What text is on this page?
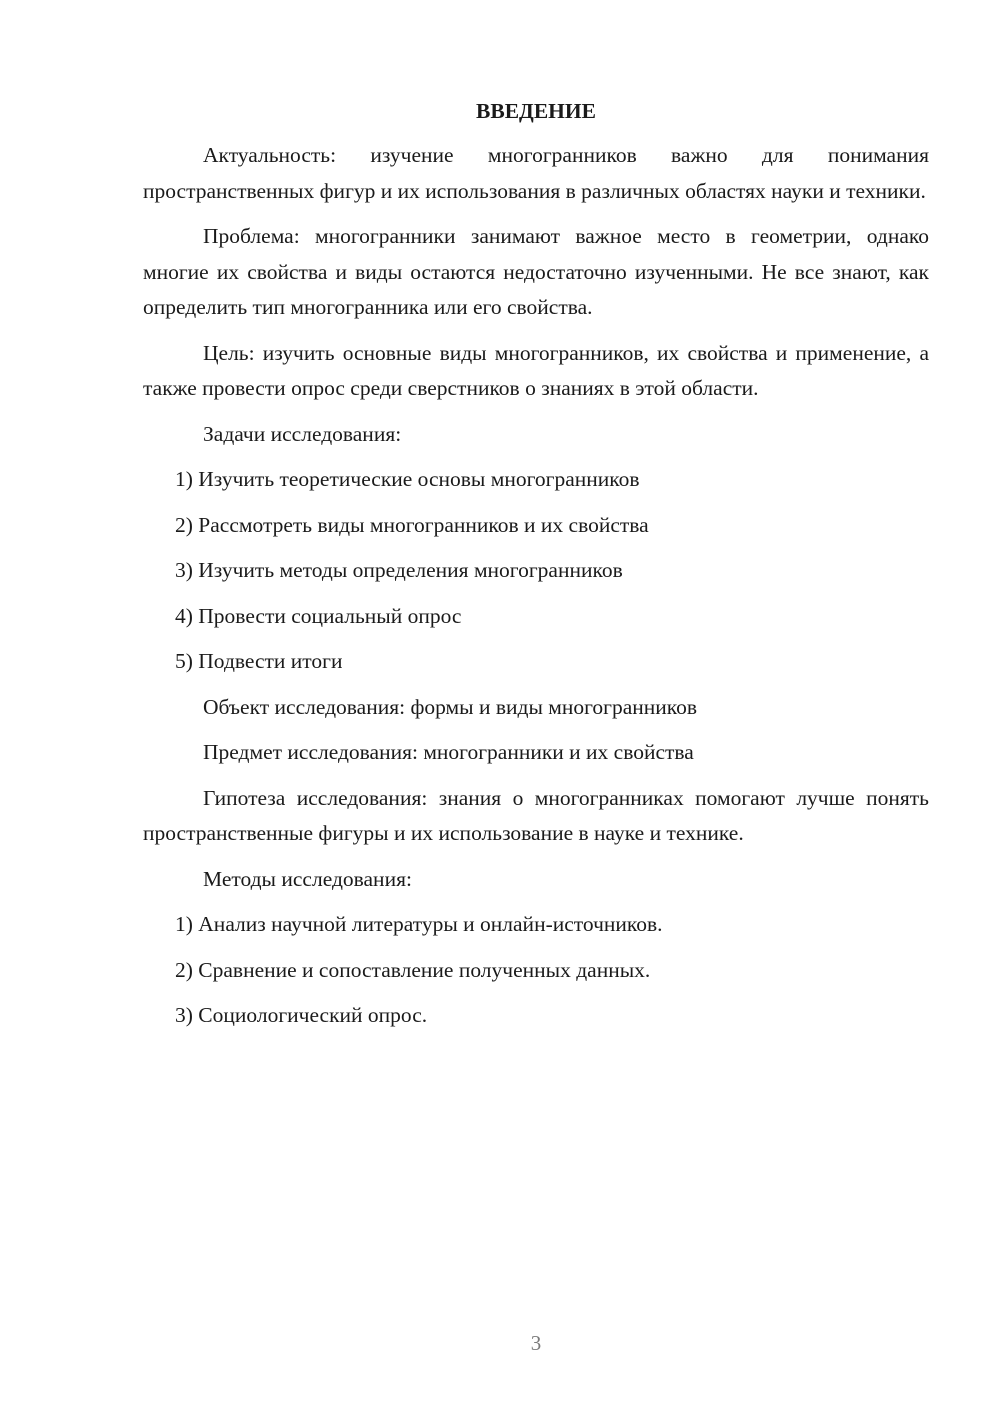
ВВЕДЕНИЕ

Актуальность: изучение многогранников важно для понимания пространственных фигур и их использования в различных областях науки и техники.

Проблема: многогранники занимают важное место в геометрии, однако многие их свойства и виды остаются недостаточно изученными. Не все знают, как определить тип многогранника или его свойства.

Цель: изучить основные виды многогранников, их свойства и применение, а также провести опрос среди сверстников о знаниях в этой области.

Задачи исследования:
1) Изучить теоретические основы многогранников
2) Рассмотреть виды многогранников и их свойства
3) Изучить методы определения многогранников
4) Провести социальный опрос
5) Подвести итоги
Объект исследования: формы и виды многогранников
Предмет исследования: многогранники и их свойства

Гипотеза исследования: знания о многогранниках помогают лучше понять пространственные фигуры и их использование в науке и технике.

Методы исследования:
1) Анализ научной литературы и онлайн-источников.
2) Сравнение и сопоставление полученных данных.
3) Социологический опрос.
3
